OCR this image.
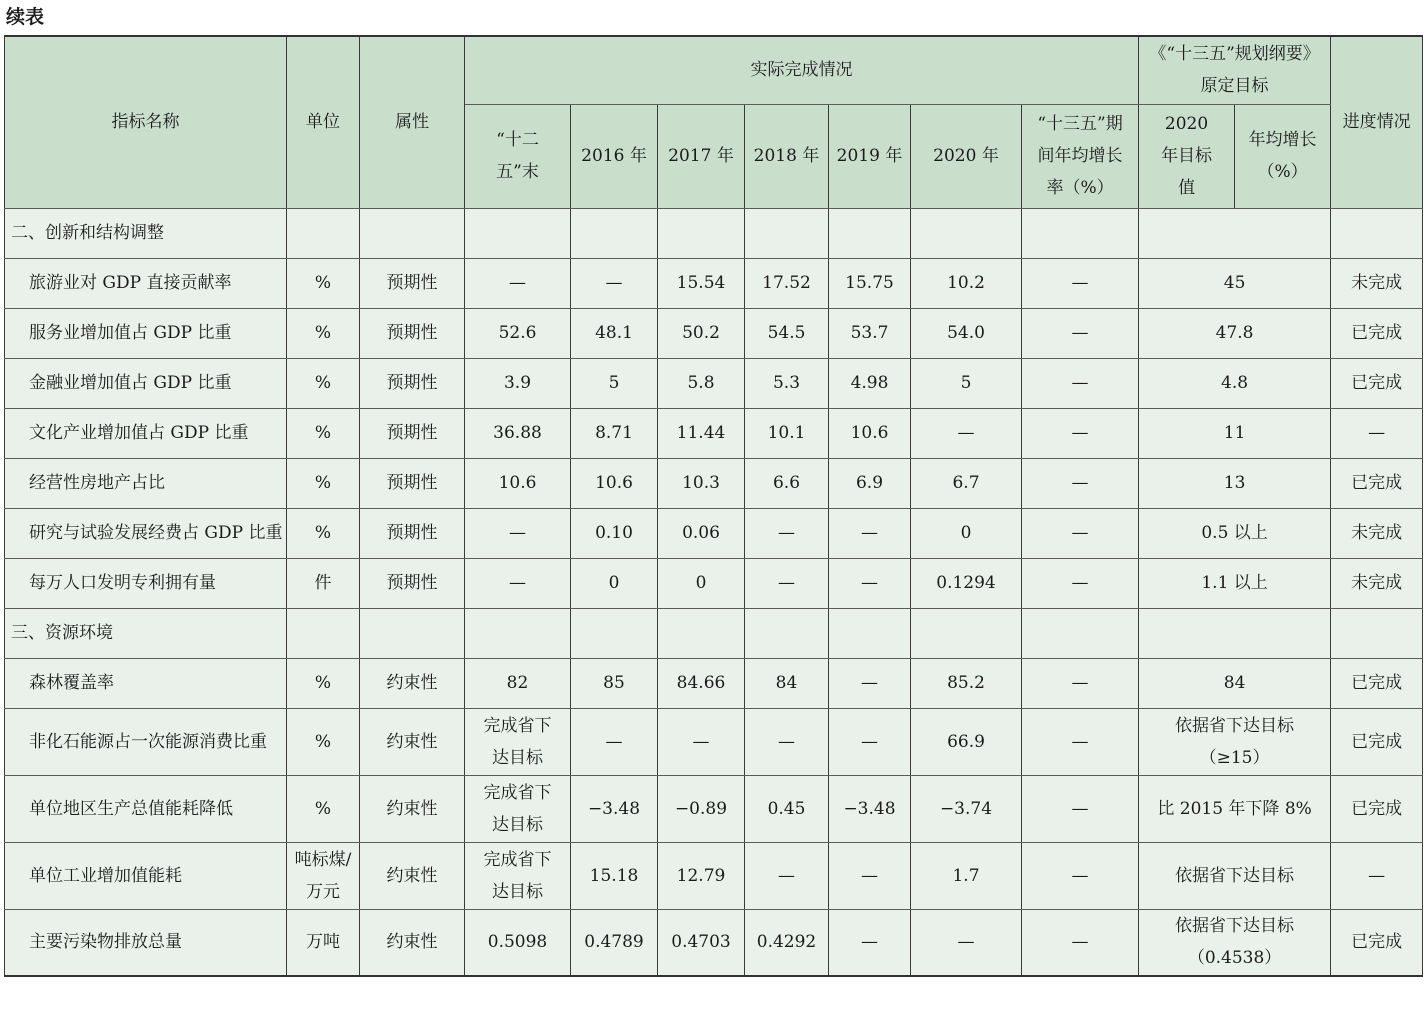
续表
指标名称	单位	属性	实际完成情况							《“十三五”规划纲要》原定目标		进度情况
			“十二五”末	2016 年	2017 年	2018 年	2019 年	2020 年	“十三五”期间年均增长率（%）	2020 年目标值	年均增长（%）	
二、创新和结构调整												
旅游业对 GDP 直接贡献率	%	预期性	—	—	15.54	17.52	15.75	10.2	—	45		未完成
服务业增加值占 GDP 比重	%	预期性	52.6	48.1	50.2	54.5	53.7	54.0	—	47.8		已完成
金融业增加值占 GDP 比重	%	预期性	3.9	5	5.8	5.3	4.98	5	—	4.8		已完成
文化产业增加值占 GDP 比重	%	预期性	36.88	8.71	11.44	10.1	10.6	—	—	11		—
经营性房地产占比	%	预期性	10.6	10.6	10.3	6.6	6.9	6.7	—	13		已完成
研究与试验发展经费占 GDP 比重	%	预期性	—	0.10	0.06	—	—	0	—	0.5 以上		未完成
每万人口发明专利拥有量	件	预期性	—	0	0	—	—	0.1294	—	1.1 以上		未完成
三、资源环境												
森林覆盖率	%	约束性	82	85	84.66	84	—	85.2	—	84		已完成
非化石能源占一次能源消费比重	%	约束性	完成省下达目标	—	—	—	—	66.9	—	依据省下达目标（≥15）		已完成
单位地区生产总值能耗降低	%	约束性	完成省下达目标	−3.48	−0.89	0.45	−3.48	−3.74	—	比 2015 年下降 8%		已完成
单位工业增加值能耗	吨标煤/万元	约束性	完成省下达目标	15.18	12.79	—	—	1.7	—	依据省下达目标		—
主要污染物排放总量	万吨	约束性	0.5098	0.4789	0.4703	0.4292	—	—	—	依据省下达目标（0.4538）		已完成
